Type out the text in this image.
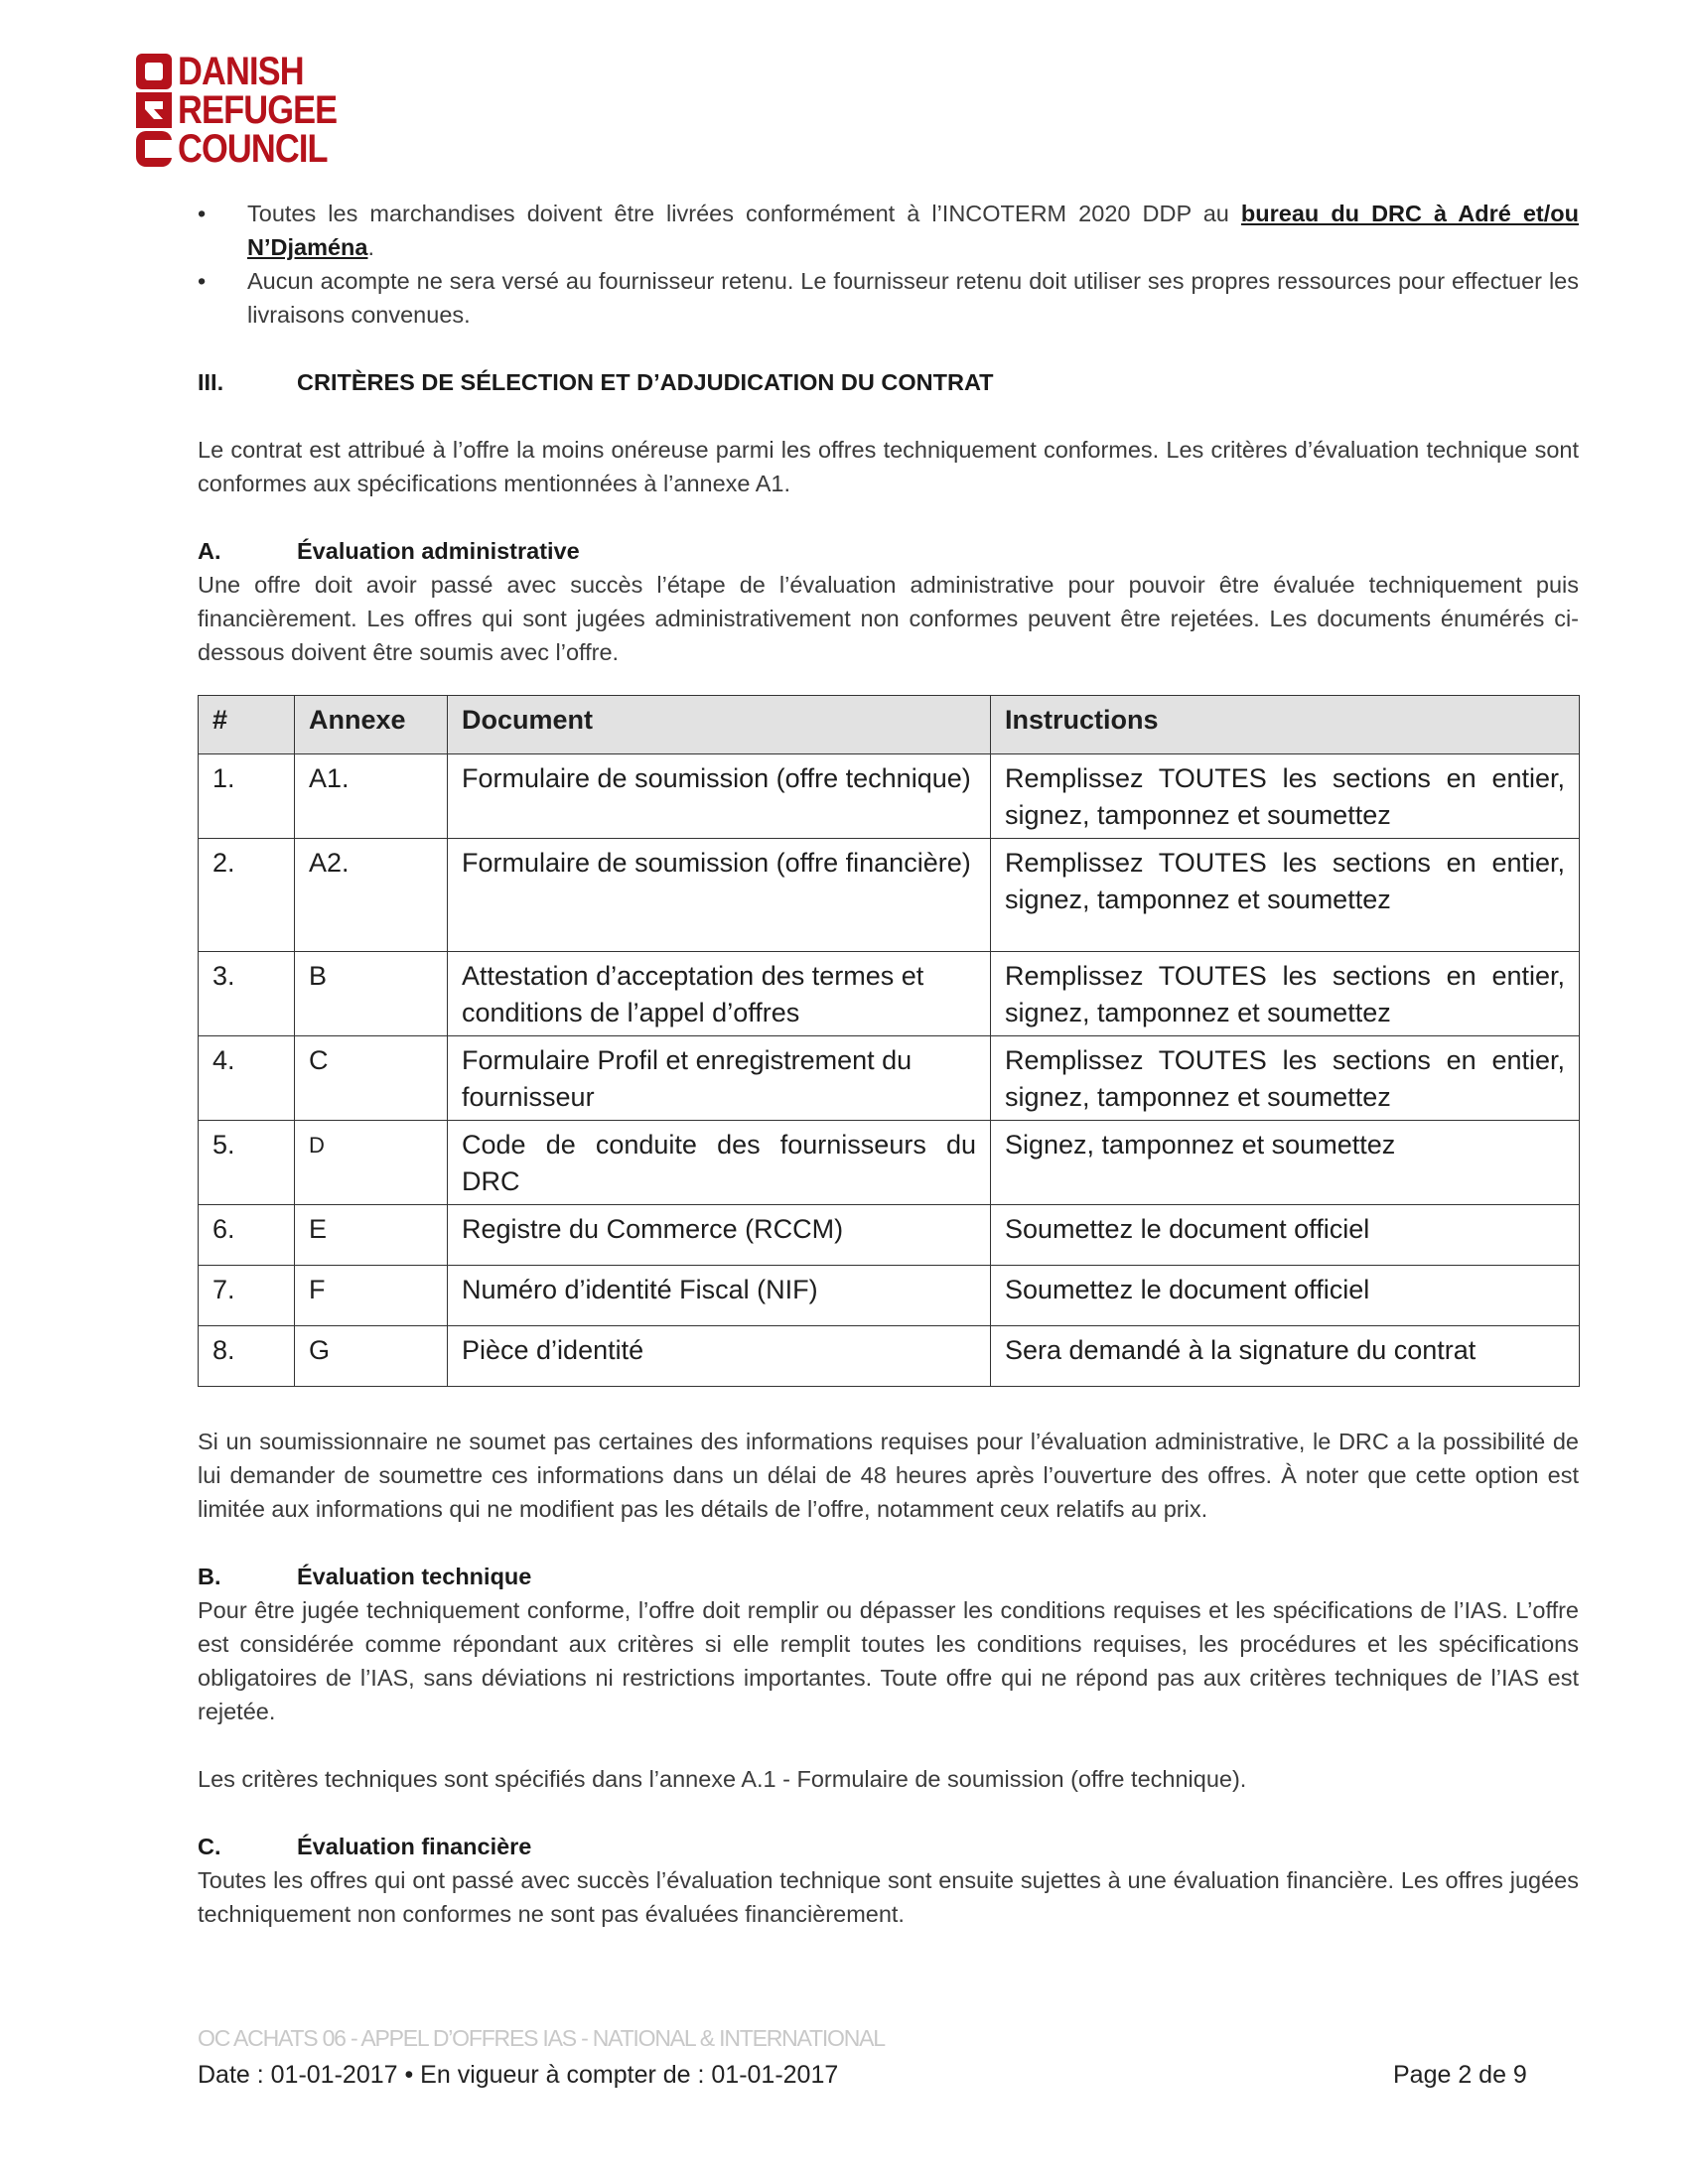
DANISH
REFUGEE
COUNCIL

• Toutes les marchandises doivent être livrées conformément à l’INCOTERM 2020 DDP au bureau du DRC à Adré et/ou N’Djaména.

• Aucun acompte ne sera versé au fournisseur retenu. Le fournisseur retenu doit utiliser ses propres ressources pour effectuer les livraisons convenues.

III.	CRITÈRES DE SÉLECTION ET D’ADJUDICATION DU CONTRAT

Le contrat est attribué à l’offre la moins onéreuse parmi les offres techniquement conformes. Les critères d’évaluation technique sont conformes aux spécifications mentionnées à l’annexe A1.

A.	Évaluation administrative

Une offre doit avoir passé avec succès l’étape de l’évaluation administrative pour pouvoir être évaluée techniquement puis financièrement. Les offres qui sont jugées administrativement non conformes peuvent être rejetées. Les documents énumérés ci-dessous doivent être soumis avec l’offre.

#	Annexe	Document	Instructions
1.	A1.	Formulaire de soumission (offre technique)	Remplissez TOUTES les sections en entier, signez, tamponnez et soumettez
2.	A2.	Formulaire de soumission (offre financière)	Remplissez TOUTES les sections en entier, signez, tamponnez et soumettez
3.	B	Attestation d’acceptation des termes et conditions de l’appel d’offres	Remplissez TOUTES les sections en entier, signez, tamponnez et soumettez
4.	C	Formulaire Profil et enregistrement du fournisseur	Remplissez TOUTES les sections en entier, signez, tamponnez et soumettez
5.	D	Code de conduite des fournisseurs du DRC	Signez, tamponnez et soumettez
6.	E	Registre du Commerce (RCCM)	Soumettez le document officiel
7.	F	Numéro d’identité Fiscal (NIF)	Soumettez le document officiel
8.	G	Pièce d’identité	Sera demandé à la signature du contrat

Si un soumissionnaire ne soumet pas certaines des informations requises pour l’évaluation administrative, le DRC a la possibilité de lui demander de soumettre ces informations dans un délai de 48 heures après l’ouverture des offres. À noter que cette option est limitée aux informations qui ne modifient pas les détails de l’offre, notamment ceux relatifs au prix.

B.	Évaluation technique

Pour être jugée techniquement conforme, l’offre doit remplir ou dépasser les conditions requises et les spécifications de l’IAS. L’offre est considérée comme répondant aux critères si elle remplit toutes les conditions requises, les procédures et les spécifications obligatoires de l’IAS, sans déviations ni restrictions importantes. Toute offre qui ne répond pas aux critères techniques de l’IAS est rejetée.

Les critères techniques sont spécifiés dans l’annexe A.1 - Formulaire de soumission (offre technique).

C.	Évaluation financière

Toutes les offres qui ont passé avec succès l’évaluation technique sont ensuite sujettes à une évaluation financière. Les offres jugées techniquement non conformes ne sont pas évaluées financièrement.

OC ACHATS 06 - APPEL D’OFFRES IAS - NATIONAL & INTERNATIONAL
Date : 01-01-2017 • En vigueur à compter de : 01-01-2017	Page 2 de 9
